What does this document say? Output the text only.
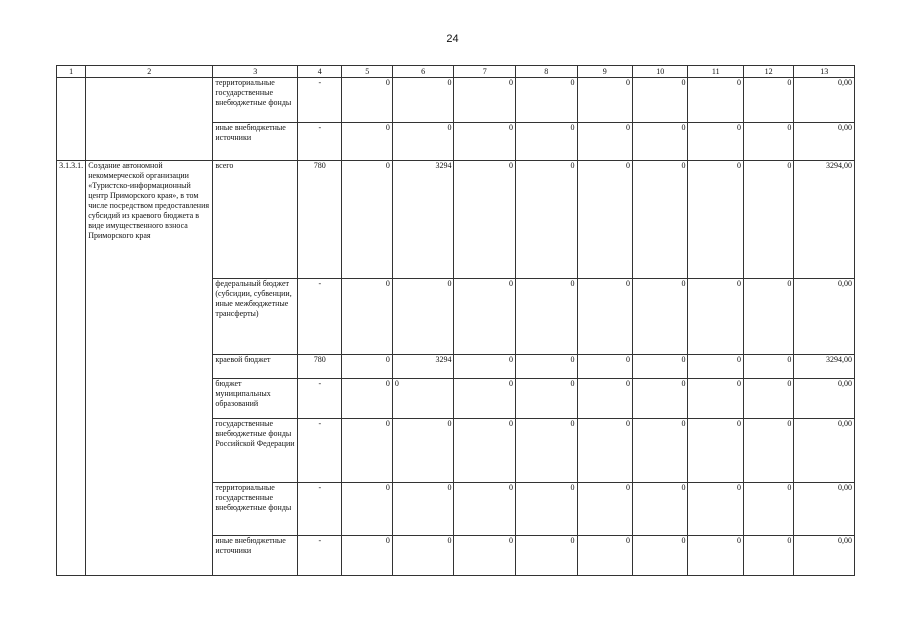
24
1	2	3	4	5	6	7	8	9	10	11	12	13
		территориальные государственные внебюджетные фонды	-	0	0	0	0	0	0	0	0	0,00
		иные внебюджетные источники	-	0	0	0	0	0	0	0	0	0,00
3.1.3.1.	Создание автономной некоммерческой организации «Туристско-информационный центр Приморского края», в том числе посредством предоставления субсидий из краевого бюджета в виде имущественного взноса Приморского края	всего	780	0	3294	0	0	0	0	0	0	3294,00
		федеральный бюджет (субсидии, субвенции, иные межбюджетные трансферты)	-	0	0	0	0	0	0	0	0	0,00
		краевой бюджет	780	0	3294	0	0	0	0	0	0	3294,00
		бюджет муниципальных образований	-	0	0	0	0	0	0	0	0	0,00
		государственные внебюджетные фонды Российской Федерации	-	0	0	0	0	0	0	0	0	0,00
		территориальные государственные внебюджетные фонды	-	0	0	0	0	0	0	0	0	0,00
		иные внебюджетные источники	-	0	0	0	0	0	0	0	0	0,00
